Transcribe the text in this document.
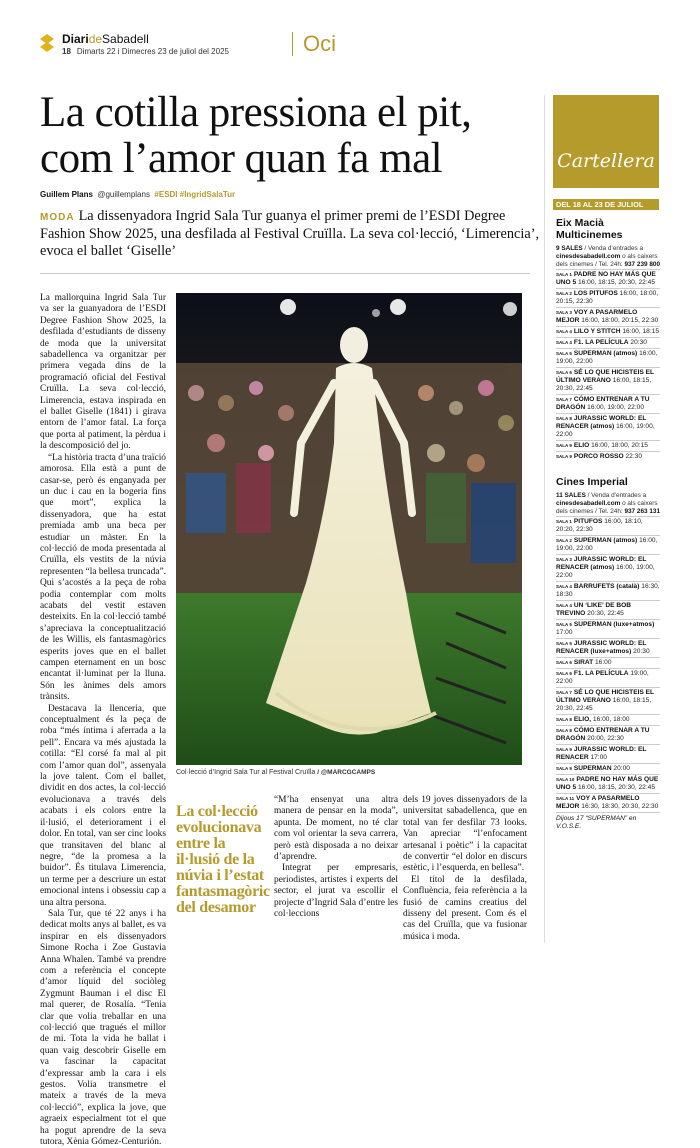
DiarideSabadell
18 Dimarts 22 i Dimecres 23 de juliol del 2025	Oci
La cotilla pressiona el pit, com l’amor quan fa mal
Guillem Plans @guillemplans #ESDI #IngridSalaTur
MODA La dissenyadora Ingrid Sala Tur guanya el primer premi de l’ESDI Degree Fashion Show 2025, una desfilada al Festival Cruïlla. La seva col·lecció, ‘Limerencia’, evoca el ballet ‘Giselle’

La mallorquina Ingrid Sala Tur va ser la guanyadora de l’ESDI Degree Fashion Show 2025, la desfilada d’estudiants de disseny de moda que la universitat sabadellenca va organitzar per primera vegada dins de la programació oficial del Festival Cruïlla. La seva col·lecció, Limerencia, estava inspirada en el ballet Giselle (1841) i girava entorn de l’amor fatal. La força que porta al patiment, la pèrdua i la descomposició del jo.

“La història tracta d’una traïció amorosa. Ella està a punt de casar-se, però és enganyada per un duc i cau en la bogeria fins que mort”, explica la dissenyadora, que ha estat premiada amb una beca per estudiar un màster. En la col·lecció de moda presentada al Cruïlla, els vestits de la núvia representen “la bellesa truncada”. Qui s’acostés a la peça de roba podia contemplar com molts acabats del vestit estaven desteixits. En la col·lecció també s’apreciava la conceptualització de les Willis, els fantasmagòrics esperits joves que en el ballet campen eternament en un bosc encantat il·luminat per la lluna. Són les ànimes dels amors trànsits.

Destacava la llenceria, que conceptualment és la peça de roba “més íntima i aferrada a la pell”. Encara va més ajustada la cotilla: “El corsé fa mal al pit com l’amor quan dol”, assenyala la jove talent. Com el ballet, dividit en dos actes, la col·lecció evolucionava a través dels acabats i els colors entre la il·lusió, el deteriorament i el dolor. En total, van ser cinc looks que transitaven del blanc al negre, “de la promesa a la buidor”. És titulava Limerencia, un terme per a descriure un estat emocional intens i obsessiu cap a una altra persona.

Sala Tur, que té 22 anys i ha dedicat molts anys al ballet, es va inspirar en els dissenyadors Simone Rocha i Zoe Gustavia Anna Whalen. També va prendre com a referència el concepte d’amor líquid del sociòleg Zygmunt Bauman i el disc El mal querer, de Rosalía. “Tenia clar que volia treballar en una col·lecció que tragués el millor de mi. Tota la vida he ballat i quan vaig descobrir Giselle em va fascinar la capacitat d’expressar amb la cara i els gestos. Volia transmetre el mateix a través de la meva col·lecció”, explica la jove, que agraeix especialment tot el que ha pogut aprendre de la seva tutora, Xènia Gómez-Centurión.

Col·lecció d’Ingrid Sala Tur al Festival Cruïlla / @MARCGCAMPS
La col·lecció evolucionava entre la il·lusió de la núvia i l’estat fantasmagòric del desamor

“M’ha ensenyat una altra manera de pensar en la moda”, apunta. De moment, no té clar com vol orientar la seva carrera, però està disposada a no deixar d’aprendre.

Integrat per empresaris, periodistes, artistes i experts del sector, el jurat va escollir el projecte d’Ingrid Sala d’entre les col·leccions

dels 19 joves dissenyadors de la universitat sabadellenca, que en total van fer desfilar 73 looks. Van apreciar “l’enfocament artesanal i poètic” i la capacitat de convertir “el dolor en discurs estètic, i l’esquerda, en bellesa”.

El títol de la desfilada, Confluència, feia referència a la fusió de camins creatius del disseny del present. Com és el cas del Cruïlla, que va fusionar música i moda.

Cartellera
DEL 18 AL 23 DE JULIOL
Eix Macià Multicinemes
9 SALES / Venda d’entrades a cinesdesabadell.com o als caixers dels cinemes / Tel. 24h: 937 239 800
$^{SALA 1}$ PADRE NO HAY MÁS QUE UNO 5 16:00, 18:15, 20:30, 22:45
$^{SALA 2}$ LOS PITUFOS 16:00, 18:00, 20:15, 22:30
$^{SALA 3}$ VOY A PASARMELO MEJOR 16:00, 18:00, 20:15, 22:30
$^{SALA 4}$ LILO Y STITCH 16:00, 18:15
$^{SALA 4}$ F1. LA PELÍCULA 20:30
$^{SALA 5}$ SUPERMAN (atmos) 16:00, 19:00, 22:00
$^{SALA 6}$ SÉ LO QUE HICISTEIS EL ÚLTIMO VERANO 16:00, 18:15, 20:30, 22:45
$^{SALA 7}$ CÓMO ENTRENAR A TU DRAGÓN 16:00, 19:00, 22:00
$^{SALA 8}$ JURASSIC WORLD: EL RENACER (atmos) 16:00, 19:00, 22:00
$^{SALA 9}$ ELIO 16:00, 18:00, 20:15
$^{SALA 9}$ PORCO ROSSO 22:30
Cines Imperial
11 SALES / Venda d’entrades a cinesdesabadell.com o als caixers dels cinemes / Tel. 24h: 937 263 131
$^{SALA 1}$ PITUFOS 16:00, 18:10, 20:20, 22:30
$^{SALA 2}$ SUPERMAN (atmos) 16:00, 19:00, 22:00
$^{SALA 3}$ JURASSIC WORLD: EL RENACER (atmos) 16:00, 19:00, 22:00
$^{SALA 4}$ BARRUFETS (català) 16:30, 18:30
$^{SALA 4}$ UN ‘LIKE’ DE BOB TREVINO 20:30, 22:45
$^{SALA 5}$ SUPERMAN (luxe+atmos) 17:00
$^{SALA 5}$ JURASSIC WORLD: EL RENACER (luxe+atmos) 20:30
$^{SALA 6}$ SIRAT 16:00
$^{SALA 6}$ F1. LA PELÍCULA 19:00, 22:00
$^{SALA 7}$ SÉ LO QUE HICISTEIS EL ÚLTIMO VERANO 16:00, 18:15, 20:30, 22:45
$^{SALA 8}$ ELIO, 16:00, 18:00
$^{SALA 8}$ CÓMO ENTRENAR A TU DRAGÓN 20:00, 22:30
$^{SALA 9}$ JURASSIC WORLD: EL RENACER 17:00
$^{SALA 9}$ SUPERMAN 20:00
$^{SALA 10}$ PADRE NO HAY MÁS QUE UNO 5 16:00, 18:15, 20:30, 22:45
$^{SALA 11}$ VOY A PASARMELO MEJOR 16:30, 18:30, 20:30, 22:30
Dijous 17 “SUPERMAN” en V.O.S.E.
